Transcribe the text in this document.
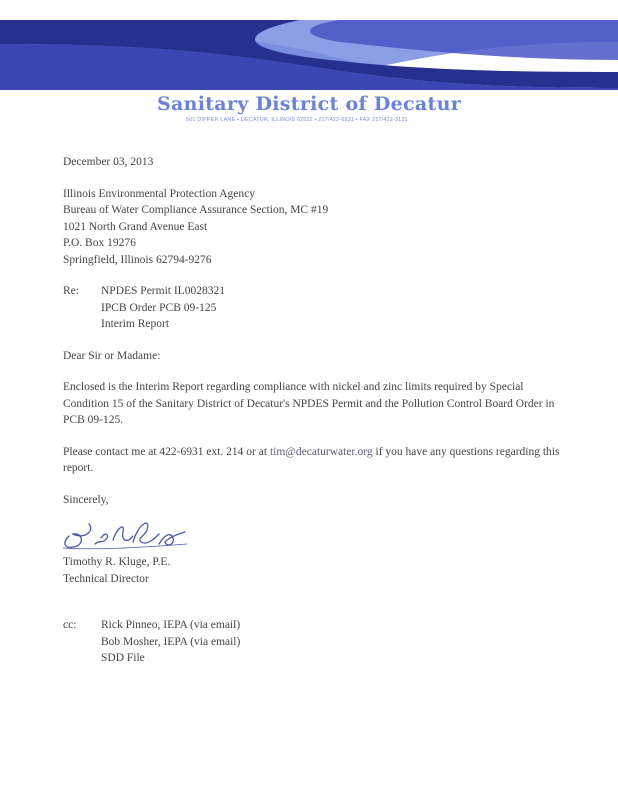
Sanitary District of Decatur
501 DIPPER LANE • DECATUR, ILLINOIS 62522 • 217/422-6931 • FAX 217/422-3131
December 03, 2013
Illinois Environmental Protection Agency
Bureau of Water Compliance Assurance Section, MC #19
1021 North Grand Avenue East
P.O. Box 19276
Springfield, Illinois 62794-9276
Re:	NPDES Permit IL0028321
IPCB Order PCB 09-125
Interim Report
Dear Sir or Madame:
Enclosed is the Interim Report regarding compliance with nickel and zinc limits required by Special Condition 15 of the Sanitary District of Decatur's NPDES Permit and the Pollution Control Board Order in PCB 09-125.
Please contact me at 422-6931 ext. 214 or at tim@decaturwater.org if you have any questions regarding this report.
Sincerely,
Timothy R. Kluge, P.E.
Technical Director
cc:	Rick Pinneo, IEPA (via email)
Bob Mosher, IEPA (via email)
SDD File
